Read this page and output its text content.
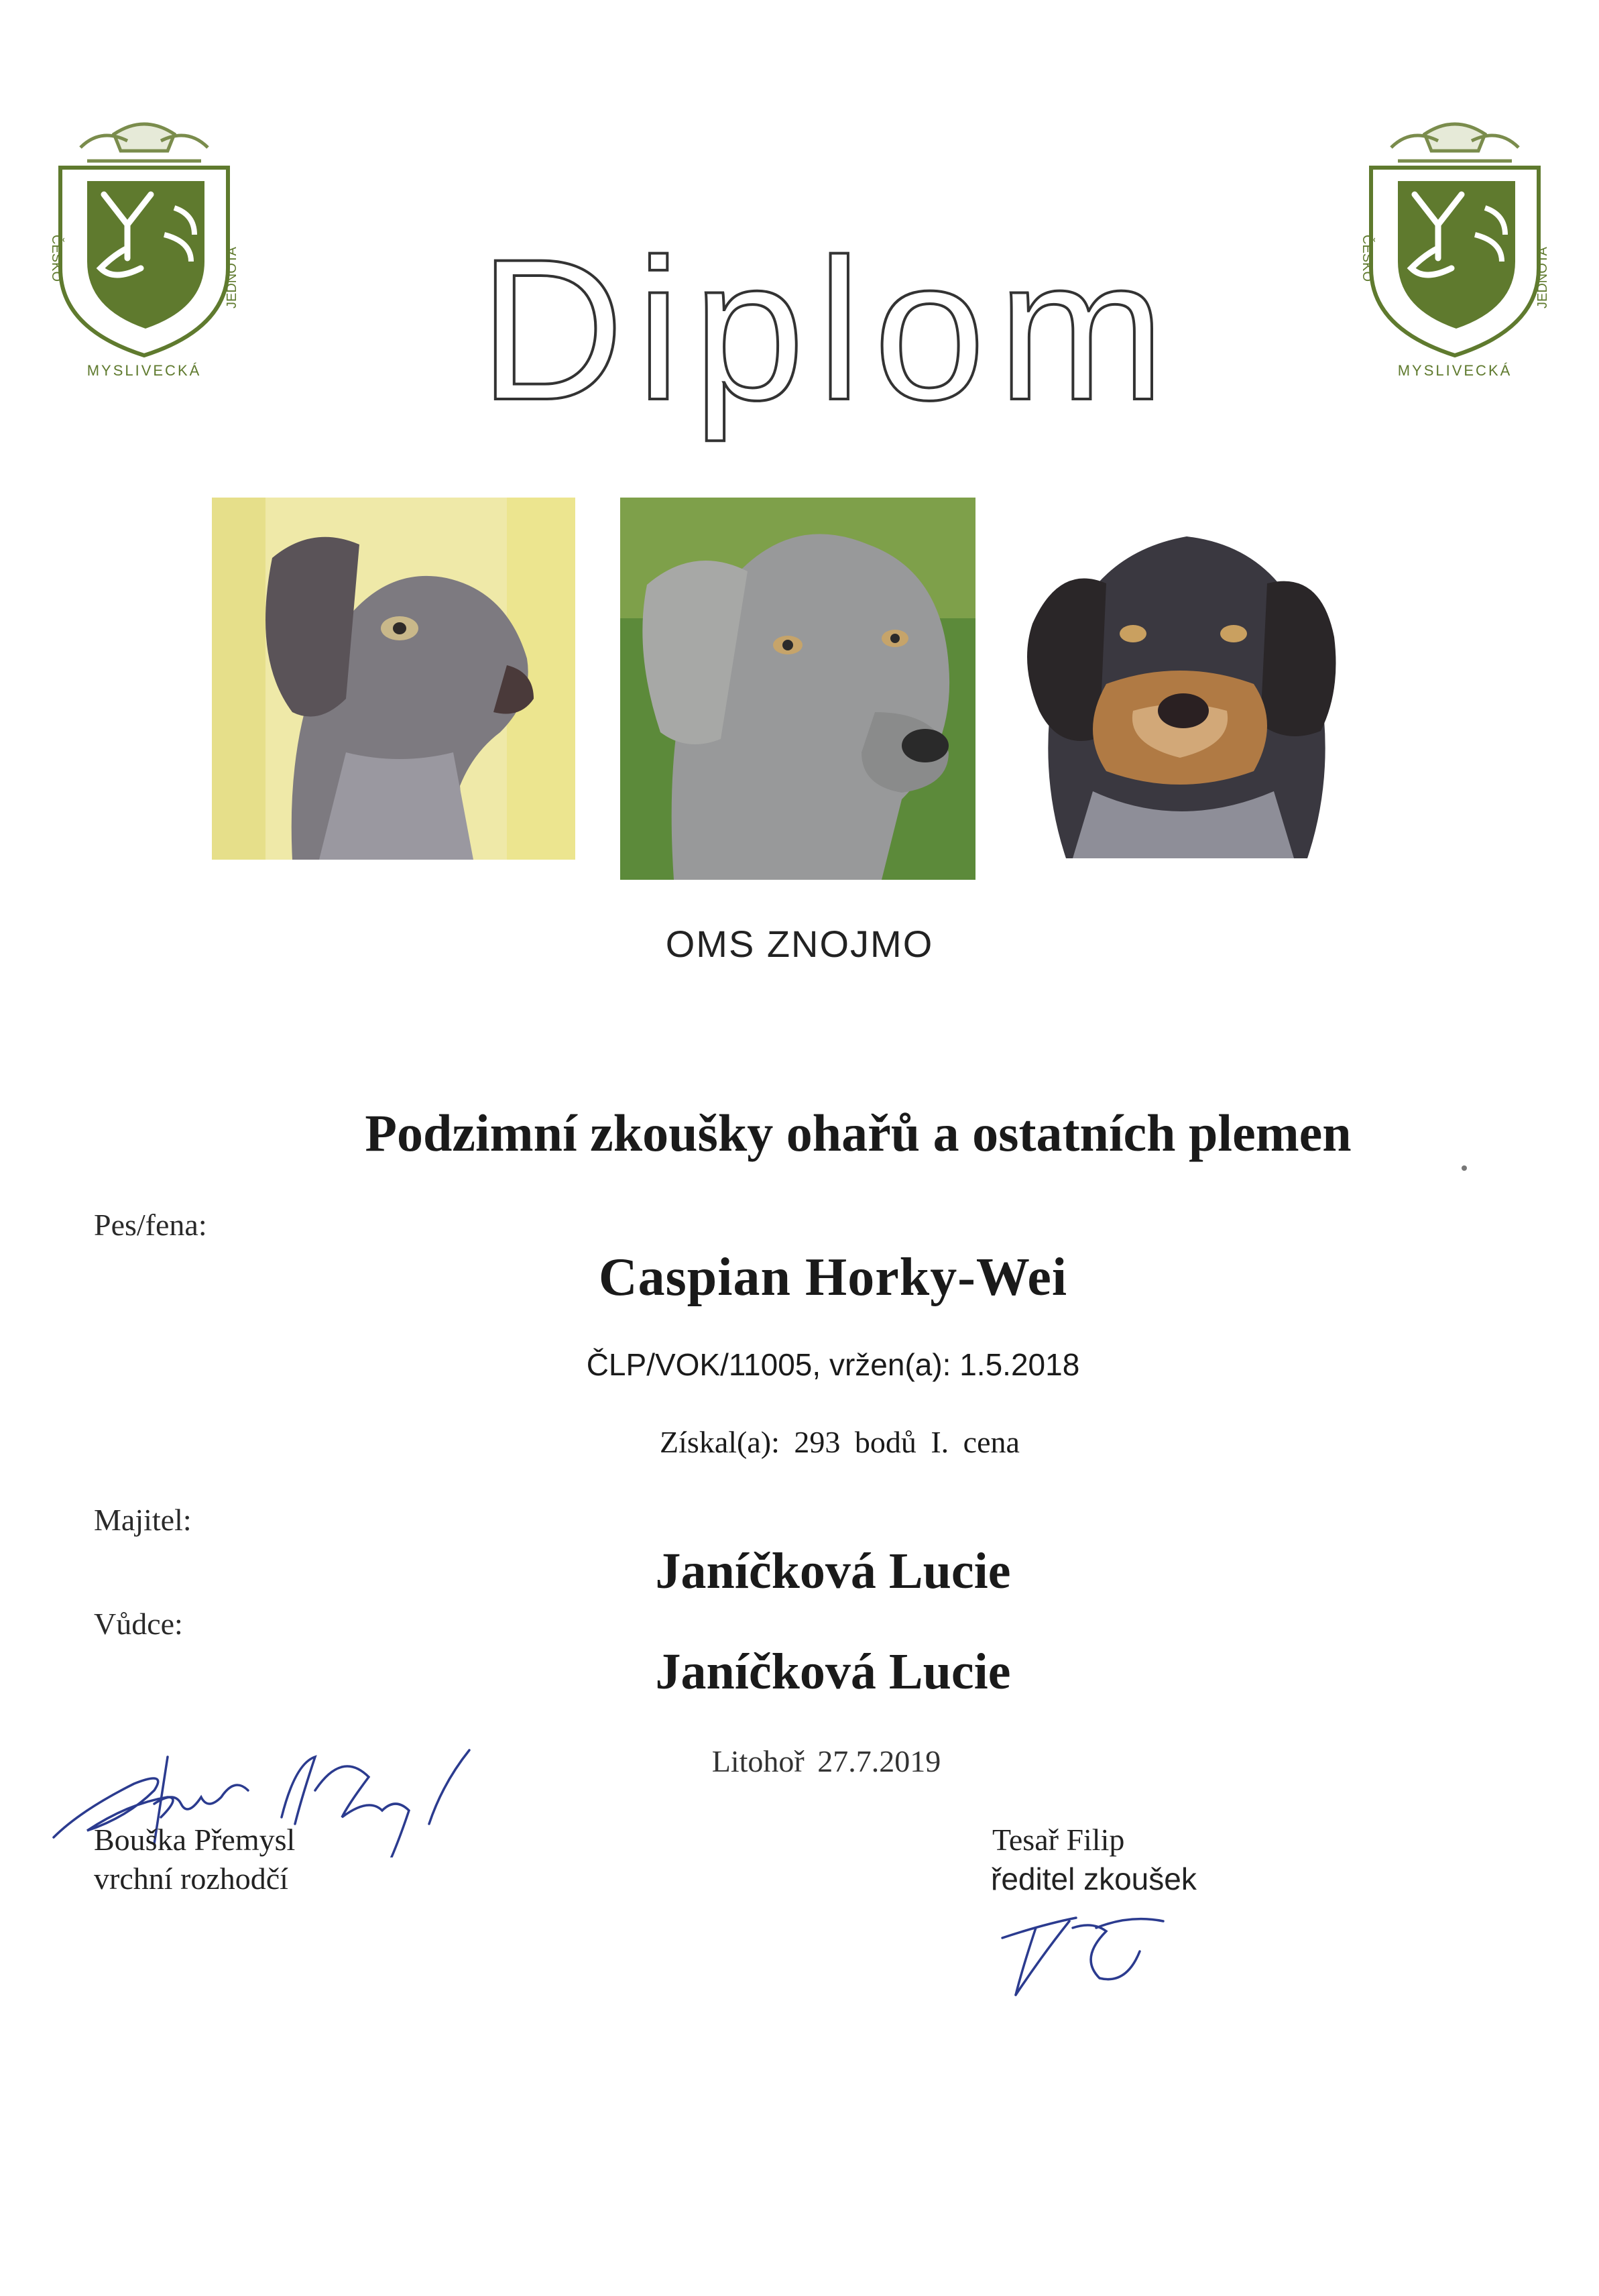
MYSLIVECKÁ
ČESKO	JEDNOTA
MYSLIVECKÁ
ČESKO	JEDNOTA
Diplom
OMS ZNOJMO
Podzimní zkoušky ohařů a ostatních plemen
Pes/fena:
Caspian Horky-Wei
ČLP/VOK/11005, vržen(a): 1.5.2018
Získal(a): 293 bodů I. cena
Majitel:
Janíčková Lucie
Vůdce:
Janíčková Lucie
Litohoř 27.7.2019
Bouška Přemysl
vrchní rozhodčí
Tesař Filip
ředitel zkoušek
